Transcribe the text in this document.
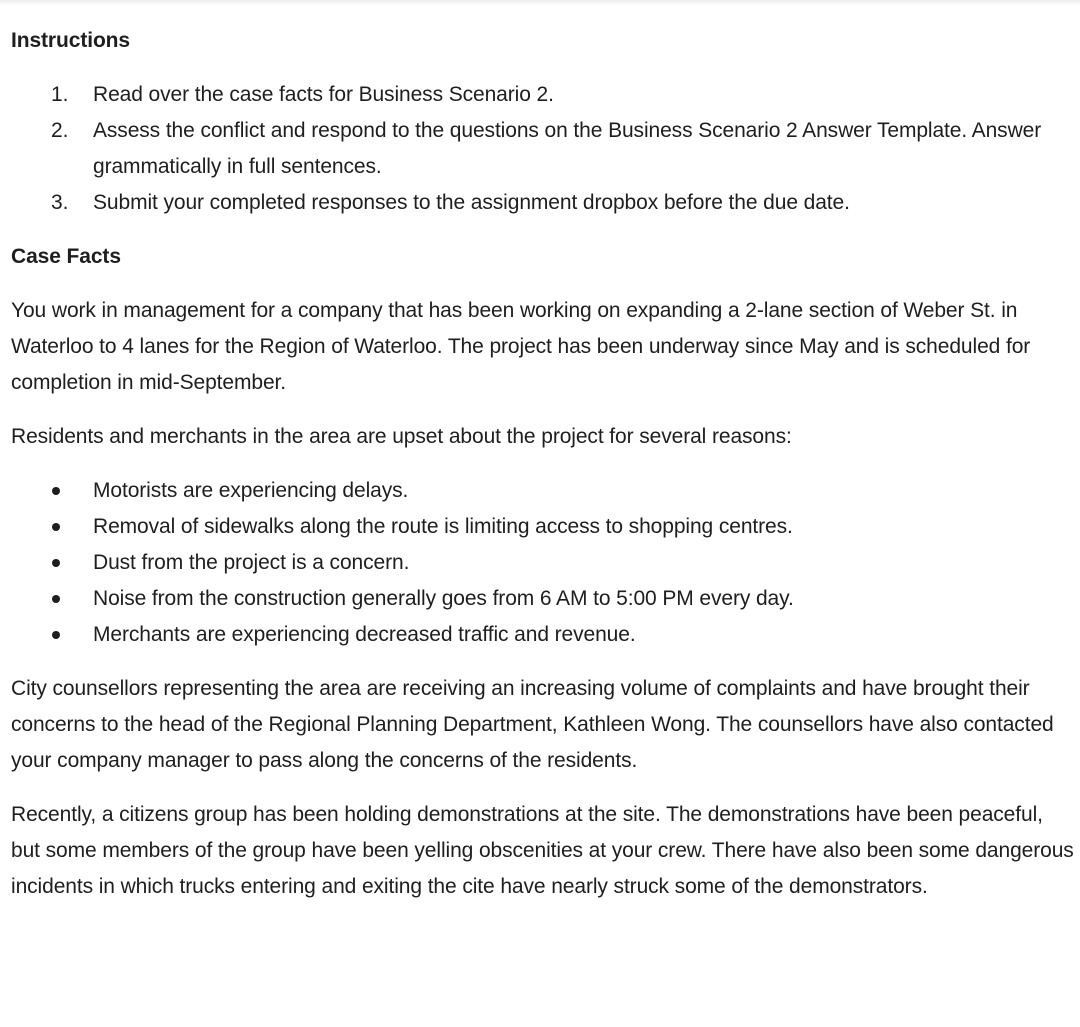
Instructions
1. Read over the case facts for Business Scenario 2.
2. Assess the conflict and respond to the questions on the Business Scenario 2 Answer Template. Answer grammatically in full sentences.
3. Submit your completed responses to the assignment dropbox before the due date.
Case Facts

You work in management for a company that has been working on expanding a 2-lane section of Weber St. in Waterloo to 4 lanes for the Region of Waterloo. The project has been underway since May and is scheduled for completion in mid-September.

Residents and merchants in the area are upset about the project for several reasons:

Motorists are experiencing delays.
Removal of sidewalks along the route is limiting access to shopping centres.
Dust from the project is a concern.
Noise from the construction generally goes from 6 AM to 5:00 PM every day.
Merchants are experiencing decreased traffic and revenue.

City counsellors representing the area are receiving an increasing volume of complaints and have brought their concerns to the head of the Regional Planning Department, Kathleen Wong. The counsellors have also contacted your company manager to pass along the concerns of the residents.

Recently, a citizens group has been holding demonstrations at the site. The demonstrations have been peaceful, but some members of the group have been yelling obscenities at your crew. There have also been some dangerous incidents in which trucks entering and exiting the cite have nearly struck some of the demonstrators.
